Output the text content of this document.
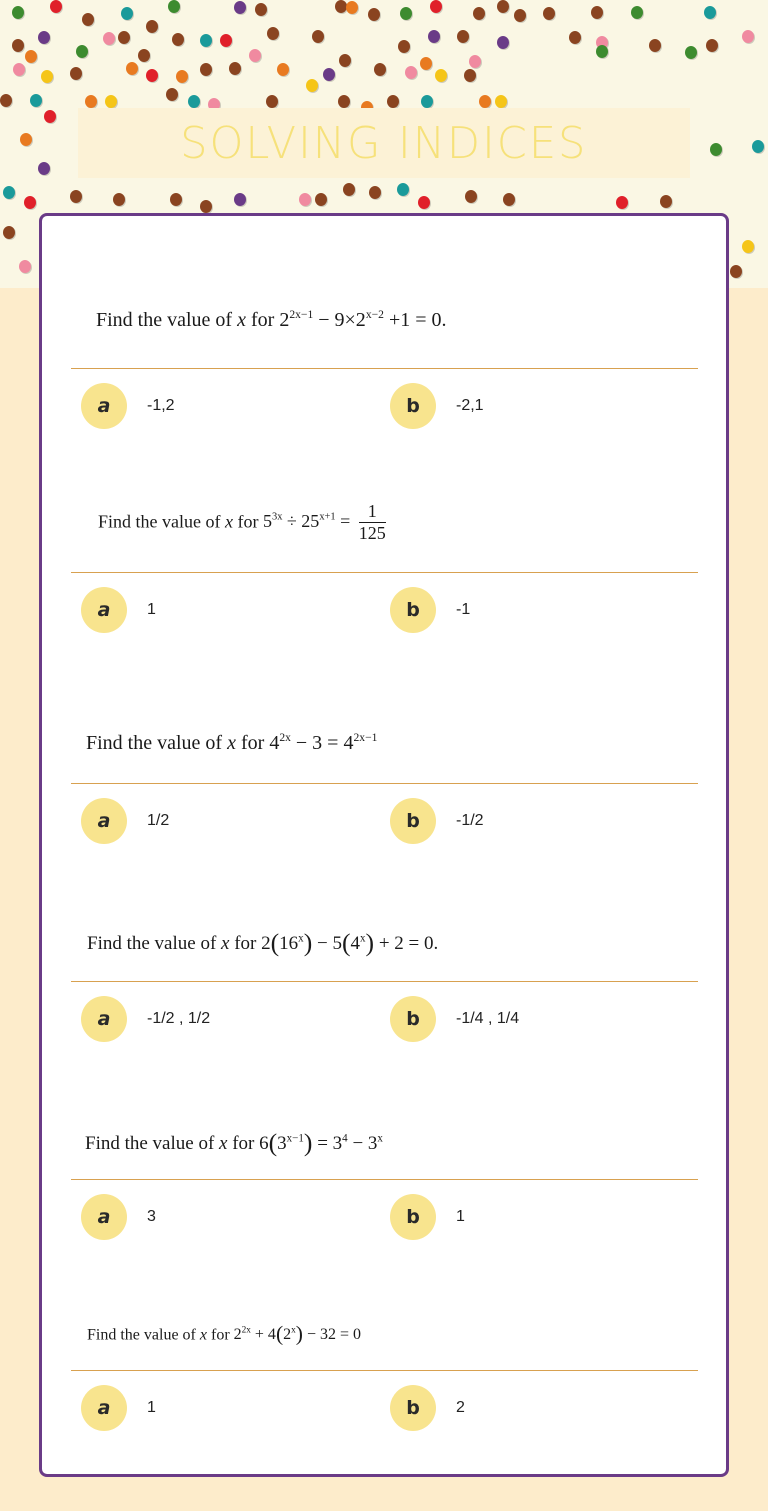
SOLVING INDICES
Find the value of x for $2^{2x-1} - 9\times 2^{x-2} +1 = 0$.
a -1,2	b -2,1
Find the value of x for $5^{3x} \div 25^{x+1} = \frac{1}{125}$
a 1	b -1
Find the value of x for $4^{2x} - 3 = 4^{2x-1}$
a 1/2	b -1/2
Find the value of x for $2(16^x) - 5(4^x) + 2 = 0$.
a -1/2 , 1/2	b -1/4 , 1/4
Find the value of x for $6(3^{x-1}) = 3^4 - 3^x$
a 3	b 1
Find the value of x for $2^{2x} + 4(2^x) - 32 = 0$
a 1	b 2
